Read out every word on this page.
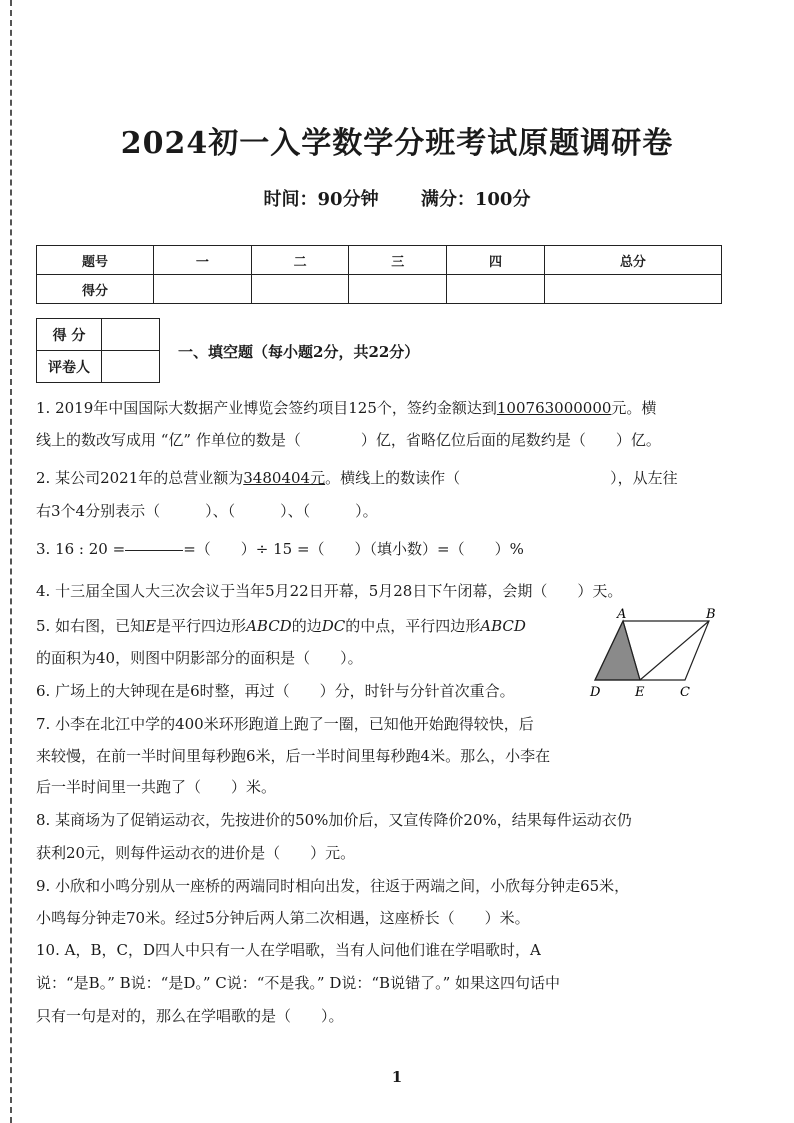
2024初一入学数学分班考试原题调研卷
时间：90分钟 满分：100分
题号	一	二	三	四	总分
得分					
得 分	
评卷人	
一、填空题（每小题2分，共22分）
1. 2019年中国国际大数据产业博览会签约项目125个，签约金额达到100763000000元。横
线上的数改写成用 “亿” 作单位的数是（　　　　）亿，省略亿位后面的尾数约是（　　）亿。
2. 某公司2021年的总营业额为3480404元。横线上的数读作（　　　　　　　　　　），从左往
右3个4分别表示（　　　）、（　　　）、（　　　）。
3. 16 : 20 =	=（　　）÷ 15 =（　　）（填小数）=（　　）%
4. 十三届全国人大三次会议于当年5月22日开幕，5月28日下午闭幕，会期（　　）天。
5. 如右图，已知E是平行四边形ABCD的边DC的中点，平行四边形ABCD
的面积为40，则图中阴影部分的面积是（　　）。
6. 广场上的大钟现在是6时整，再过（　　）分，时针与分针首次重合。
7. 小李在北江中学的400米环形跑道上跑了一圈，已知他开始跑得较快，后
来较慢，在前一半时间里每秒跑6米，后一半时间里每秒跑4米。那么，小李在
后一半时间里一共跑了（　　）米。
8. 某商场为了促销运动衣，先按进价的50%加价后，又宣传降价20%，结果每件运动衣仍
获利20元，则每件运动衣的进价是（　　）元。
9. 小欣和小鸣分别从一座桥的两端同时相向出发，往返于两端之间，小欣每分钟走65米，
小鸣每分钟走70米。经过5分钟后两人第二次相遇，这座桥长（　　）米。
10. A，B，C，D四人中只有一人在学唱歌，当有人问他们谁在学唱歌时，A
说：“是B。” B说：“是D。” C说：“不是我。” D说：“B说错了。” 如果这四句话中
只有一句是对的，那么在学唱歌的是（　　）。
A	B
D	E	C
1
